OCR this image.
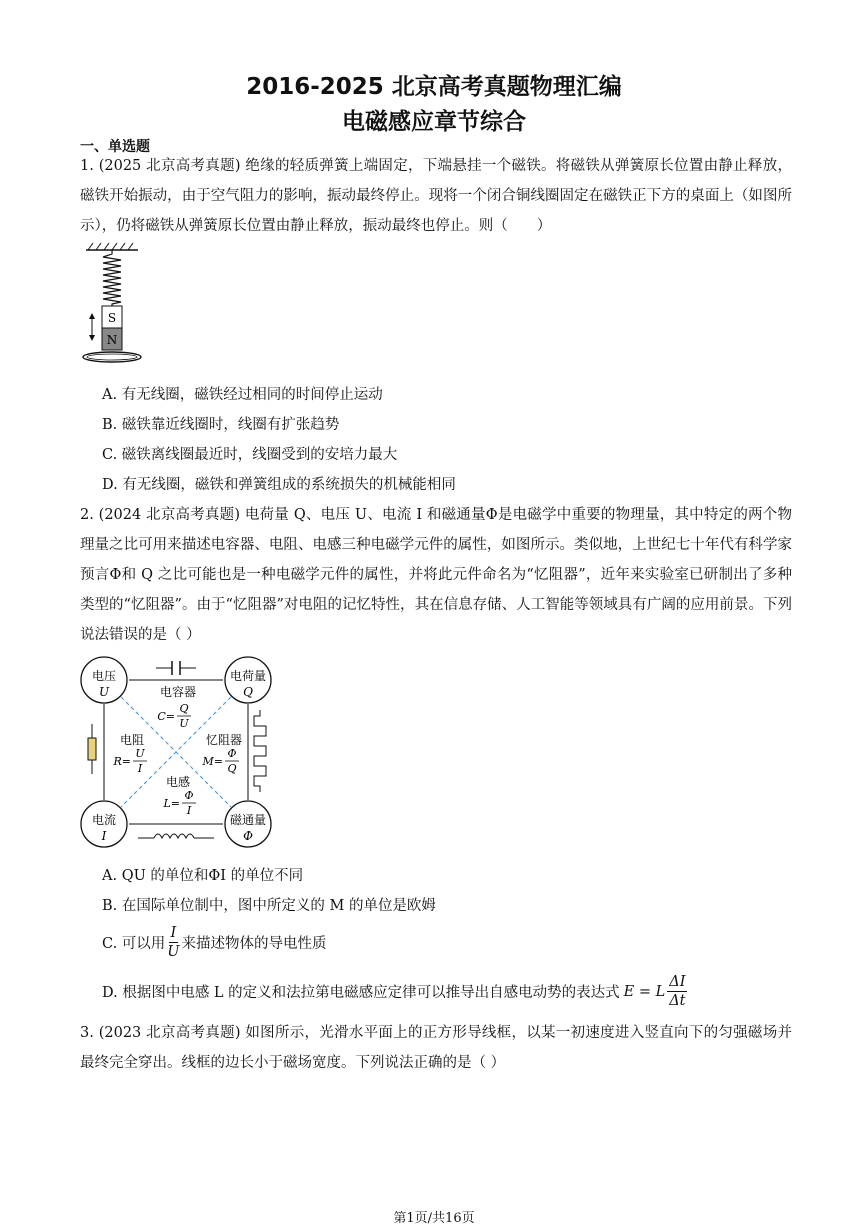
2016-2025 北京高考真题物理汇编
电磁感应章节综合
一、单选题
1. (2025 北京高考真题) 绝缘的轻质弹簧上端固定，下端悬挂一个磁铁。将磁铁从弹簧原长位置由静止释放，磁铁开始振动，由于空气阻力的影响，振动最终停止。现将一个闭合铜线圈固定在磁铁正下方的桌面上（如图所示），仍将磁铁从弹簧原长位置由静止释放，振动最终也停止。则（　　）
S
N
A. 有无线圈，磁铁经过相同的时间停止运动
B. 磁铁靠近线圈时，线圈有扩张趋势
C. 磁铁离线圈最近时，线圈受到的安培力最大
D. 有无线圈，磁铁和弹簧组成的系统损失的机械能相同
2. (2024 北京高考真题) 电荷量 Q、电压 U、电流 I 和磁通量Φ是电磁学中重要的物理量，其中特定的两个物理量之比可用来描述电容器、电阻、电感三种电磁学元件的属性，如图所示。类似地，上世纪七十年代有科学家预言Φ和 Q 之比可能也是一种电磁学元件的属性，并将此元件命名为“忆阻器”，近年来实验室已研制出了多种类型的“忆阻器”。由于“忆阻器”对电阻的记忆特性，其在信息存储、人工智能等领域具有广阔的应用前景。下列说法错误的是（ ）
电压
U
电荷量
Q
电流
I
磁通量
Φ
电容器
C=
Q
U
电阻
R=
U
I
忆阻器
M=
Φ
Q
电感
L=
Φ
I
A. QU 的单位和ΦI 的单位不同
B. 在国际单位制中，图中所定义的 M 的单位是欧姆
C. 可以用 $\frac{I}{U}$ 来描述物体的导电性质
D. 根据图中电感 L 的定义和法拉第电磁感应定律可以推导出自感电动势的表达式 E = L $\frac{\Delta I}{\Delta t}$
3. (2023 北京高考真题) 如图所示，光滑水平面上的正方形导线框，以某一初速度进入竖直向下的匀强磁场并最终完全穿出。线框的边长小于磁场宽度。下列说法正确的是（ ）
第1页/共16页
